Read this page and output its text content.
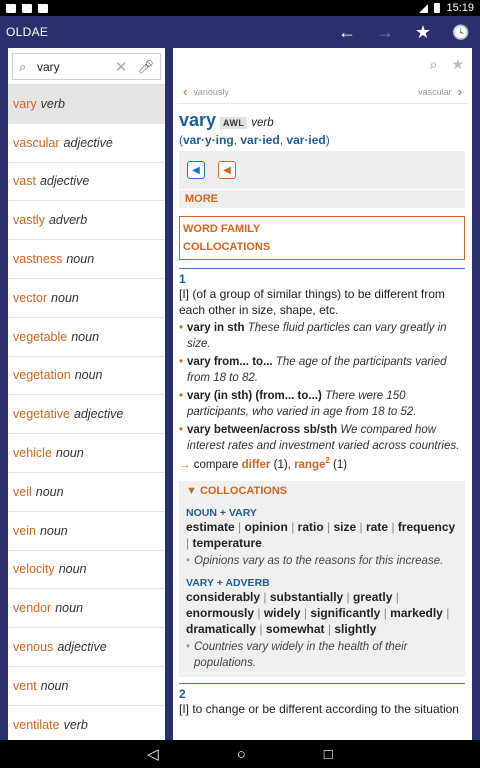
15:19
OLDAE	← → ★ 🕓
⌕
vary	✕ 🎤︎
vary verb
vascular adjective
vast adjective
vastly adverb
vastness noun
vector noun
vegetable noun
vegetation noun
vegetative adjective
vehicle noun
veil noun
vein noun
velocity noun
vendor noun
venous adjective
vent noun
ventilate verb
⌕ ★
‹ variously	vascular ›
vary AWL verb
(var·y·ing, var·ied, var·ied)
◀︎	◀︎
MORE
WORD FAMILY
COLLOCATIONS
1
[I] (of a group of similar things) to be different from each other in size, shape, etc.
• vary in sth These fluid particles can vary greatly in size.
• vary from... to... The age of the participants varied from 18 to 82.
• vary (in sth) (from... to...) There were 150 participants, who varied in age from 18 to 52.
• vary between/across sb/sth We compared how interest rates and investment varied across countries.
→ compare differ (1), range$^2$ (1)
▼ COLLOCATIONS
NOUN + VARY
estimate | opinion | ratio | size | rate | frequency | temperature
• Opinions vary as to the reasons for this increase.
VARY + ADVERB
considerably | substantially | greatly | enormously | widely | significantly | markedly | dramatically | somewhat | slightly
• Countries vary widely in the health of their populations.
2
[I] to change or be different according to the situation
◁	○	□
